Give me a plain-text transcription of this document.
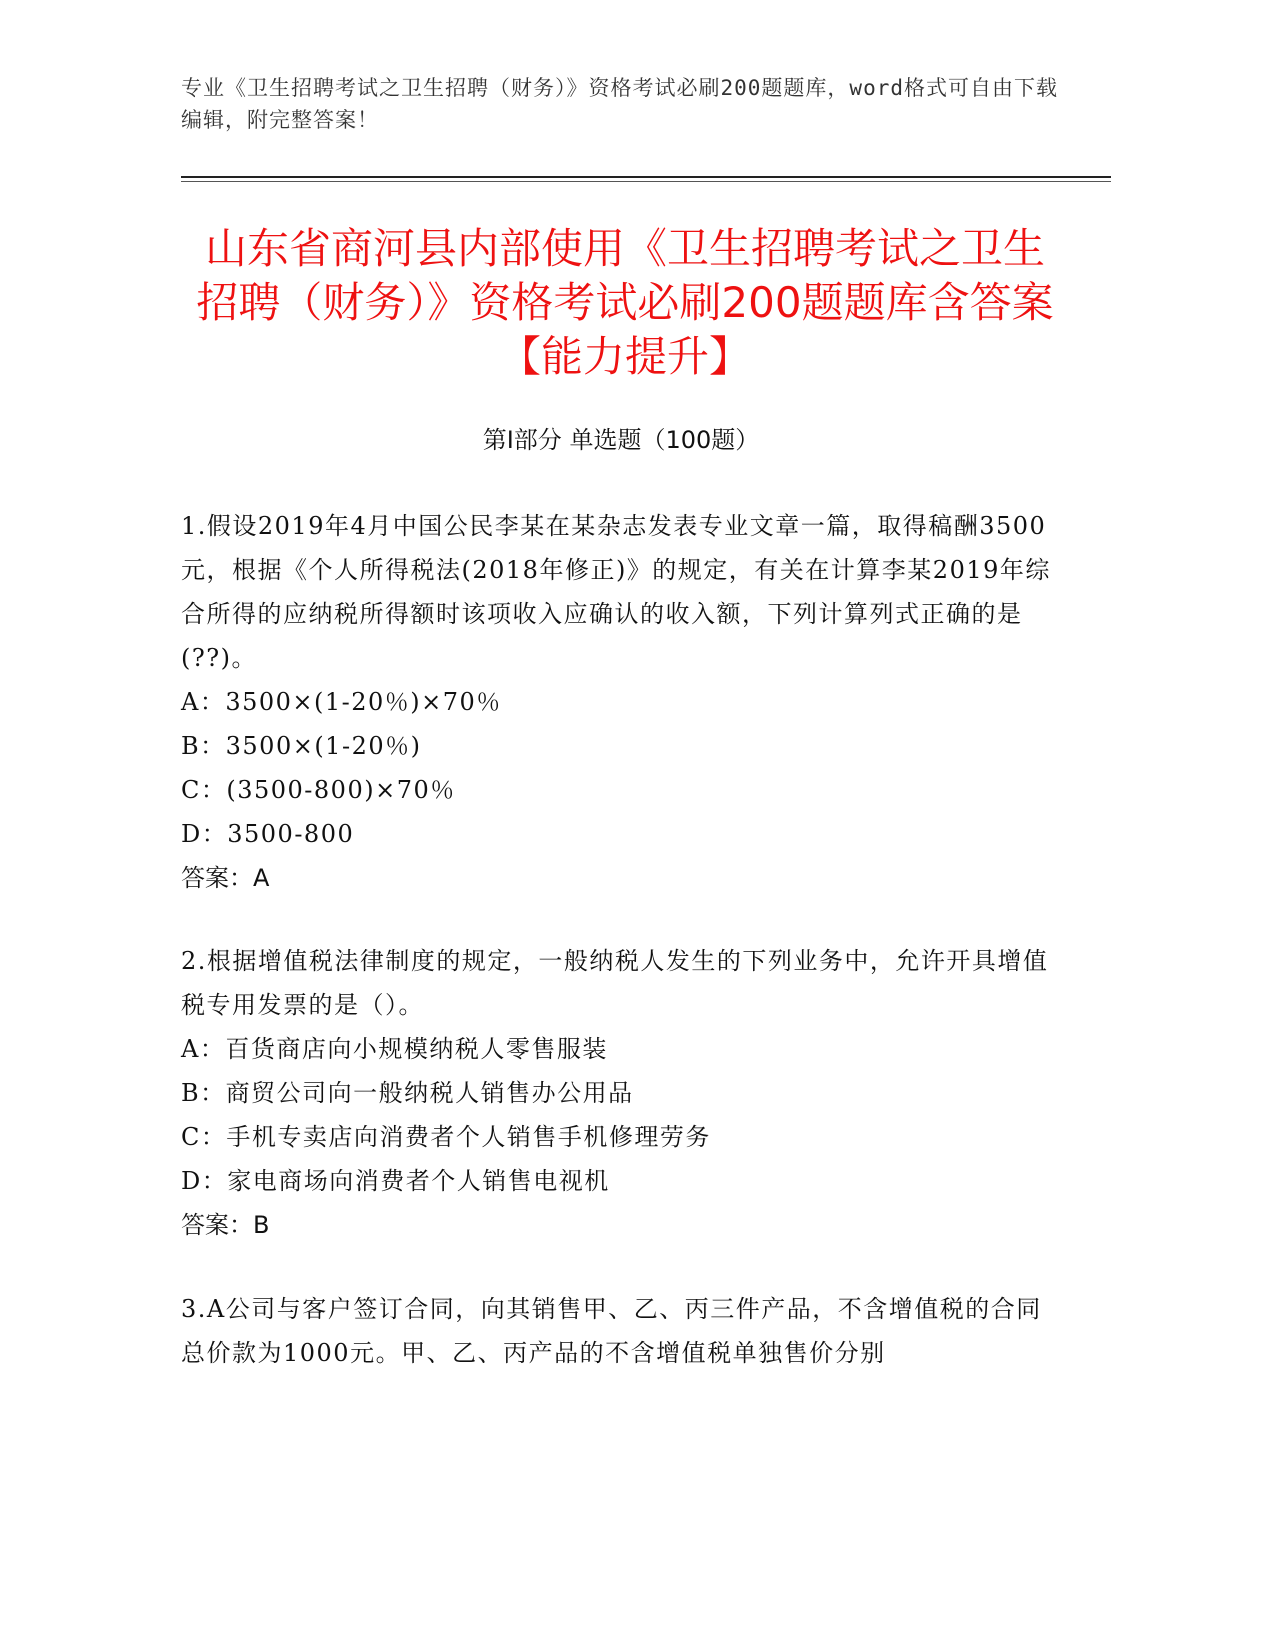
专业《卫生招聘考试之卫生招聘（财务）》资格考试必刷200题题库，word格式可自由下载编辑，附完整答案！
山东省商河县内部使用《卫生招聘考试之卫生招聘（财务）》资格考试必刷200题题库含答案【能力提升】
第I部分 单选题（100题）

1.假设2019年4月中国公民李某在某杂志发表专业文章一篇，取得稿酬3500元，根据《个人所得税法(2018年修正)》的规定，有关在计算李某2019年综合所得的应纳税所得额时该项收入应确认的收入额，下列计算列式正确的是(??)。

A：3500×(1-20％)×70％

B：3500×(1-20％)

C：(3500-800)×70％

D：3500-800

答案：A

2.根据增值税法律制度的规定，一般纳税人发生的下列业务中，允许开具增值税专用发票的是（）。

A：百货商店向小规模纳税人零售服装

B：商贸公司向一般纳税人销售办公用品

C：手机专卖店向消费者个人销售手机修理劳务

D：家电商场向消费者个人销售电视机

答案：B

3.A公司与客户签订合同，向其销售甲、乙、丙三件产品，不含增值税的合同总价款为1000元。甲、乙、丙产品的不含增值税单独售价分别
